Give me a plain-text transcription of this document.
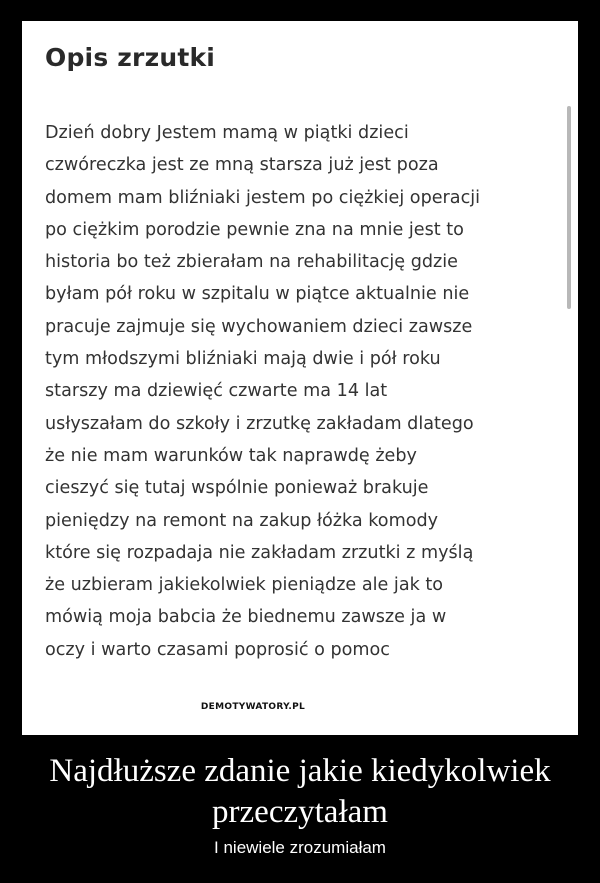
Opis zrzutki
Dzień dobry Jestem mamą w piątki dzieci
czwóreczka jest ze mną starsza już jest poza
domem mam bliźniaki jestem po ciężkiej operacji
po ciężkim porodzie pewnie zna na mnie jest to
historia bo też zbierałam na rehabilitację gdzie
byłam pół roku w szpitalu w piątce aktualnie nie
pracuje zajmuje się wychowaniem dzieci zawsze
tym młodszymi bliźniaki mają dwie i pół roku
starszy ma dziewięć czwarte ma 14 lat
usłyszałam do szkoły i zrzutkę zakładam dlatego
że nie mam warunków tak naprawdę żeby
cieszyć się tutaj wspólnie ponieważ brakuje
pieniędzy na remont na zakup łóżka komody
które się rozpadaja nie zakładam zrzutki z myślą
że uzbieram jakiekolwiek pieniądze ale jak to
mówią moja babcia że biednemu zawsze ja w
oczy i warto czasami poprosić o pomoc
DEMOTYWATORY.PL
Najdłuższe zdanie jakie kiedykolwiek
przeczytałam
I niewiele zrozumiałam
